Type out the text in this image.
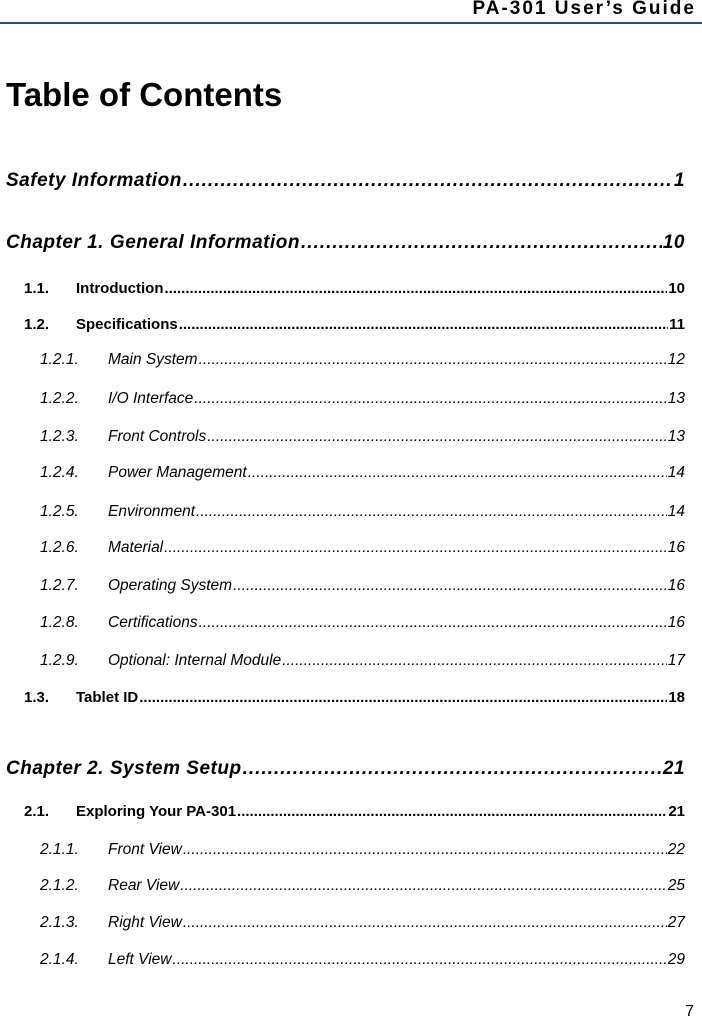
PA-301 User’s Guide
Table of Contents
Safety Information .....	1
Chapter 1. General Information .....	10
1.1.	Introduction .....	10
1.2.	Specifications .....	11
1.2.1.	Main System .....	12
1.2.2.	I/O Interface .....	13
1.2.3.	Front Controls .....	13
1.2.4.	Power Management .....	14
1.2.5.	Environment .....	14
1.2.6.	Material .....	16
1.2.7.	Operating System .....	16
1.2.8.	Certifications .....	16
1.2.9.	Optional: Internal Module .....	17
1.3.	Tablet ID .....	18
Chapter 2. System Setup .....	21
2.1.	Exploring Your PA-301 .....	21
2.1.1.	Front View .....	22
2.1.2.	Rear View .....	25
2.1.3.	Right View .....	27
2.1.4.	Left View .....	29
7
